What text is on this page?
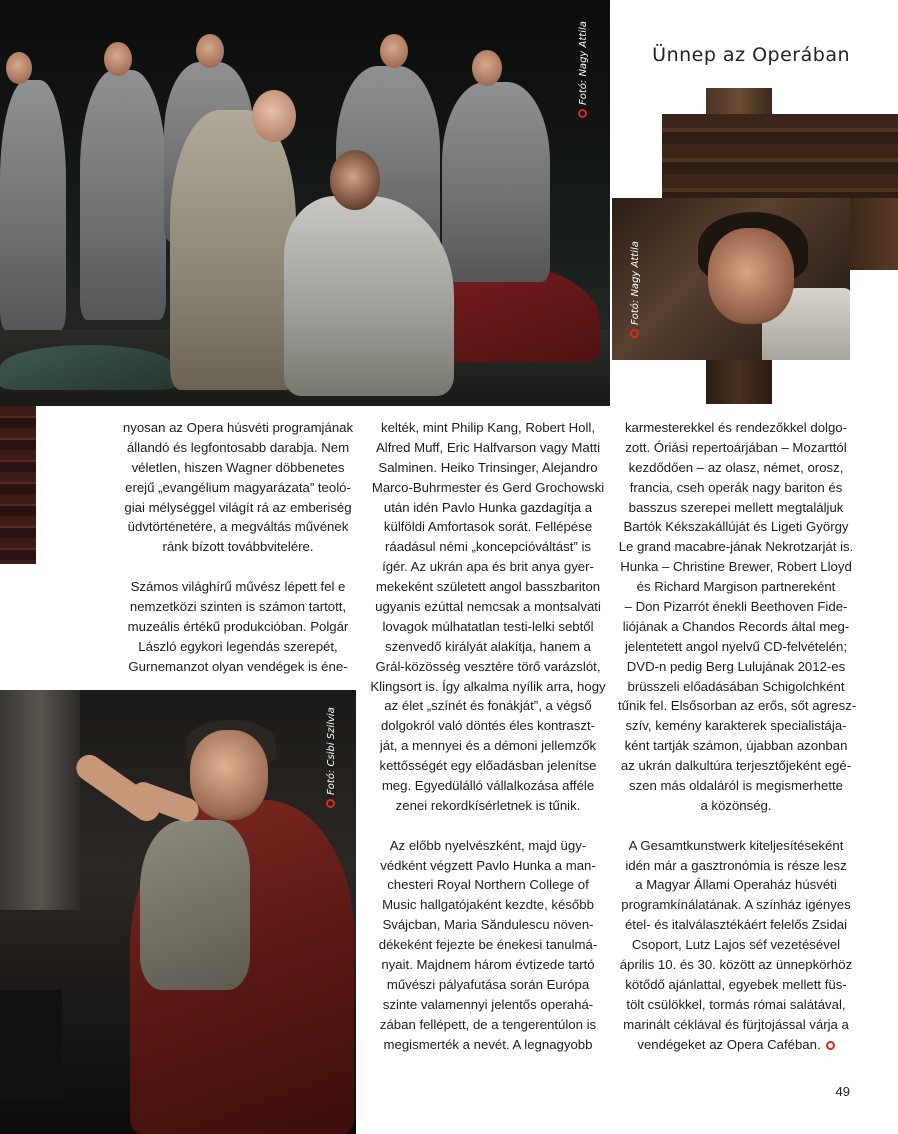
Fotó: Nagy Attila
Fotó: Nagy Attila
Fotó: Csibi Szilvia
Ünnep az Operában
nyosan az Opera húsvéti programjának
állandó és legfontosabb darabja. Nem
véletlen, hiszen Wagner döbbenetes
erejű „evangélium magyarázata” teoló-
giai mélységgel világít rá az emberiség
üdvtörténetére, a megváltás művének
ránk bízott továbbvitelére.
Számos világhírű művész lépett fel e
nemzetközi szinten is számon tartott,
muzeális értékű produkcióban. Polgár
László egykori legendás szerepét,
Gurnemanzot olyan vendégek is éne-
kelték, mint Philip Kang, Robert Holl,
Alfred Muff, Eric Halfvarson vagy Matti
Salminen. Heiko Trinsinger, Alejandro
Marco-Buhrmester és Gerd Grochowski
után idén Pavlo Hunka gazdagítja a
külföldi Amfortasok sorát. Fellépése
ráadásul némi „koncepcióváltást” is
ígér. Az ukrán apa és brit anya gyer-
mekeként született angol basszbariton
ugyanis ezúttal nemcsak a montsalvati
lovagok múlhatatlan testi-lelki sebtől
szenvedő királyát alakítja, hanem a
Grál-közösség vesztére törő varázslót,
Klingsort is. Így alkalma nyílik arra, hogy
az élet „színét és fonákját”, a végső
dolgokról való döntés éles kontraszt-
ját, a mennyei és a démoni jellemzők
kettősségét egy előadásban jelenítse
meg. Egyedülálló vállalkozása afféle
zenei rekordkísérletnek is tűnik.
Az előbb nyelvészként, majd ügy-
védként végzett Pavlo Hunka a man-
chesteri Royal Northern College of
Music hallgatójaként kezdte, később
Svájcban, Maria Săndulescu növen-
dékeként fejezte be énekesi tanulmá-
nyait. Majdnem három évtizede tartó
művészi pályafutása során Európa
szinte valamennyi jelentős operahá-
zában fellépett, de a tengerentúlon is
megismerték a nevét. A legnagyobb
karmesterekkel és rendezőkkel dolgo-
zott. Óriási repertoárjában – Mozarttól
kezdődően – az olasz, német, orosz,
francia, cseh operák nagy bariton és
basszus szerepei mellett megtaláljuk
Bartók Kékszakállúját és Ligeti György
Le grand macabre-jának Nekrotzarját is.
Hunka – Christine Brewer, Robert Lloyd
és Richard Margison partnereként
– Don Pizarrót énekli Beethoven Fide-
liójának a Chandos Records által meg-
jelentetett angol nyelvű CD-felvételén;
DVD-n pedig Berg Lulujának 2012-es
brüsszeli előadásában Schigolchként
tűnik fel. Elsősorban az erős, sőt agresz-
szív, kemény karakterek specialistája-
ként tartják számon, újabban azonban
az ukrán dalkultúra terjesztőjeként egé-
szen más oldaláról is megismerhette
a közönség.
A Gesamtkunstwerk kiteljesítéseként
idén már a gasztronómia is része lesz
a Magyar Állami Operaház húsvéti
programkínálatának. A színház igényes
étel- és italválasztékáért felelős Zsidai
Csoport, Lutz Lajos séf vezetésével
április 10. és 30. között az ünnepkörhöz
kötődő ajánlattal, egyebek mellett füs-
tölt csülökkel, tormás római salátával,
marinált céklával és fürjtojással várja a
vendégeket az Opera Caféban.
49
